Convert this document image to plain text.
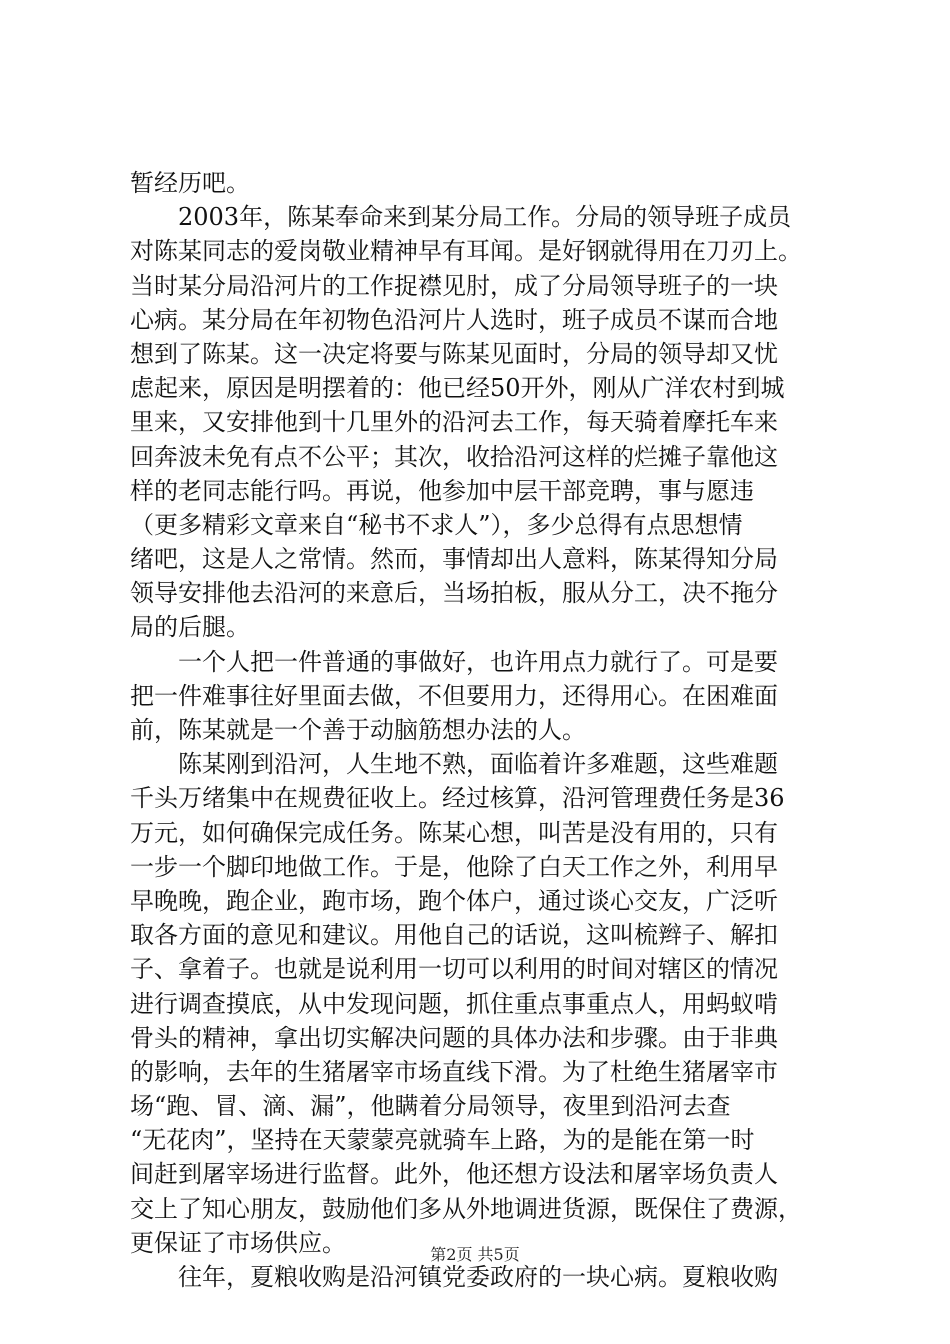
暂经历吧。
　　2003年，陈某奉命来到某分局工作。分局的领导班子成员
对陈某同志的爱岗敬业精神早有耳闻。是好钢就得用在刀刃上。
当时某分局沿河片的工作捉襟见肘，成了分局领导班子的一块
心病。某分局在年初物色沿河片人选时，班子成员不谋而合地
想到了陈某。这一决定将要与陈某见面时，分局的领导却又忧
虑起来，原因是明摆着的：他已经50开外，刚从广洋农村到城
里来，又安排他到十几里外的沿河去工作，每天骑着摩托车来
回奔波未免有点不公平；其次，收拾沿河这样的烂摊子靠他这
样的老同志能行吗。再说，他参加中层干部竞聘，事与愿违
（更多精彩文章来自“秘书不求人”），多少总得有点思想情
绪吧，这是人之常情。然而，事情却出人意料，陈某得知分局
领导安排他去沿河的来意后，当场拍板，服从分工，决不拖分
局的后腿。
　　一个人把一件普通的事做好，也许用点力就行了。可是要
把一件难事往好里面去做，不但要用力，还得用心。在困难面
前，陈某就是一个善于动脑筋想办法的人。
　　陈某刚到沿河，人生地不熟，面临着许多难题，这些难题
千头万绪集中在规费征收上。经过核算，沿河管理费任务是36
万元，如何确保完成任务。陈某心想，叫苦是没有用的，只有
一步一个脚印地做工作。于是，他除了白天工作之外，利用早
早晚晚，跑企业，跑市场，跑个体户，通过谈心交友，广泛听
取各方面的意见和建议。用他自己的话说，这叫梳辫子、解扣
子、拿着子。也就是说利用一切可以利用的时间对辖区的情况
进行调查摸底，从中发现问题，抓住重点事重点人，用蚂蚁啃
骨头的精神，拿出切实解决问题的具体办法和步骤。由于非典
的影响，去年的生猪屠宰市场直线下滑。为了杜绝生猪屠宰市
场“跑、冒、滴、漏”，他瞒着分局领导，夜里到沿河去查
“无花肉”，坚持在天蒙蒙亮就骑车上路，为的是能在第一时
间赶到屠宰场进行监督。此外，他还想方设法和屠宰场负责人
交上了知心朋友，鼓励他们多从外地调进货源，既保住了费源，
更保证了市场供应。
　　往年，夏粮收购是沿河镇党委政府的一块心病。夏粮收购
第2页 共5页
